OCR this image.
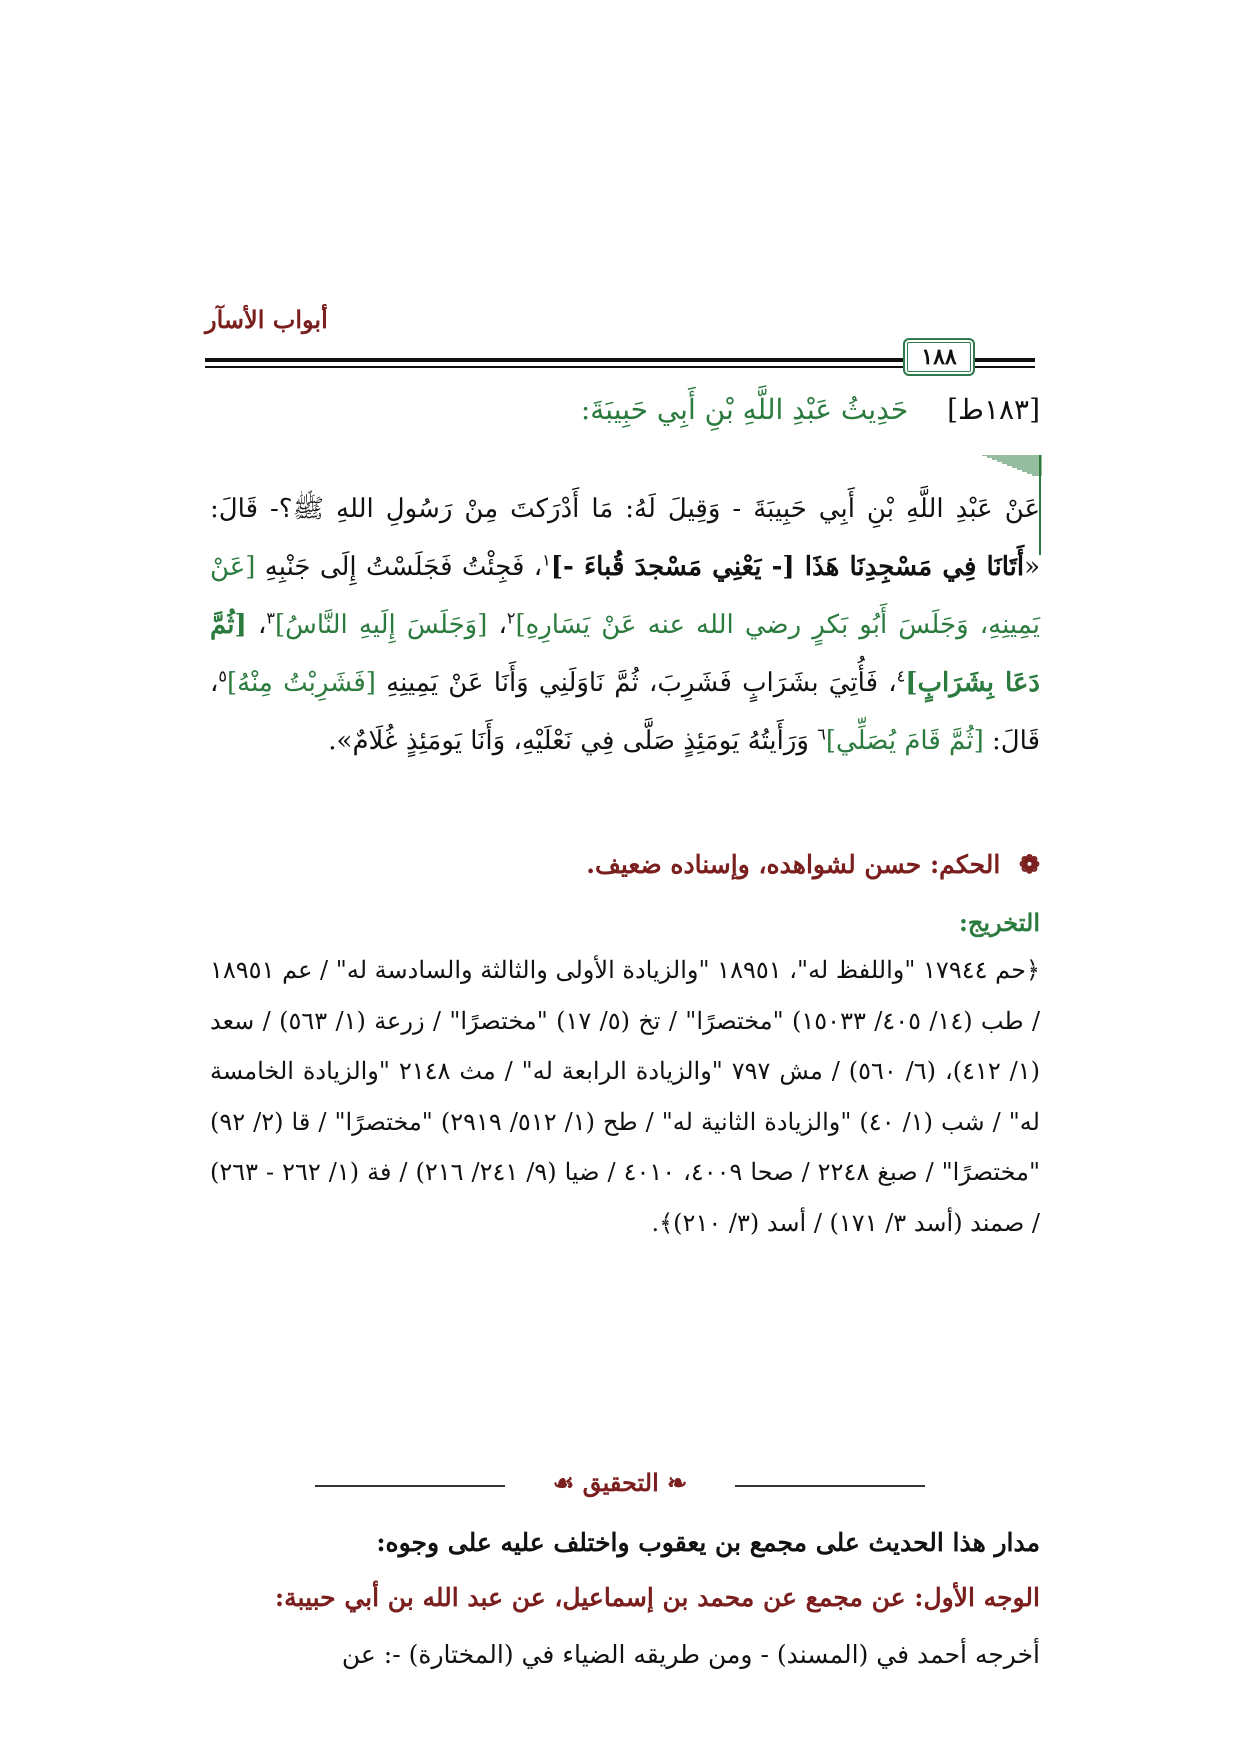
أبواب الأسآر
١٨٨
[١٨٣ط] حَدِيثُ عَبْدِ اللَّهِ بْنِ أَبِي حَبِيبَةَ:
عَنْ عَبْدِ اللَّهِ بْنِ أَبِي حَبِيبَةَ - وَقِيلَ لَهُ: مَا أَدْرَكتَ مِنْ رَسُولِ اللهِ ﷺ؟- قَالَ: «أَتَانَا فِي مَسْجِدِنَا هَذَا [- يَعْنِي مَسْجدَ قُباءَ -]$^١$، فَجِئْتُ فَجَلَسْتُ إِلَى جَنْبِهِ [عَنْ يَمِينِهِ، وَجَلَسَ أَبُو بَكرٍ رضي الله عنه عَنْ يَسَارِهِ]$^٢$، [وَجَلَسَ إِلَيهِ النَّاسُ]$^٣$، [ثُمَّ دَعَا بِشَرَابٍ]$^٤$، فَأُتِيَ بشَرَابٍ فَشَرِبَ، ثُمَّ نَاوَلَنِي وَأَنَا عَنْ يَمِينِهِ [فَشَرِبْتُ مِنْهُ]$^٥$، قَالَ: [ثُمَّ قَامَ يُصَلِّي]$^٦$ وَرَأَيتُهُ يَومَئِذٍ صَلَّى فِي نَعْلَيْهِ، وَأَنَا يَومَئِذٍ غُلَامٌ».
❁ الحكم: حسن لشواهده، وإسناده ضعيف.
التخريج:
﴿حم ١٧٩٤٤ "واللفظ له"، ١٨٩٥١ "والزيادة الأولى والثالثة والسادسة له" / عم ١٨٩٥١ / طب (١٤/ ٤٠٥/ ١٥٠٣٣) "مختصرًا" / تخ (٥/ ١٧) "مختصرًا" / زرعة (١/ ٥٦٣) / سعد (١/ ٤١٢)، (٦/ ٥٦٠) / مش ٧٩٧ "والزيادة الرابعة له" / مث ٢١٤٨ "والزيادة الخامسة له" / شب (١/ ٤٠) "والزيادة الثانية له" / طح (١/ ٥١٢/ ٢٩١٩) "مختصرًا" / قا (٢/ ٩٢) "مختصرًا" / صبغ ٢٢٤٨ / صحا ٤٠٠٩، ٤٠١٠ / ضيا (٩/ ٢٤١/ ٢١٦) / فة (١/ ٢٦٢ - ٢٦٣) / صمند (أسد ٣/ ١٧١) / أسد (٣/ ٢١٠)﴾.
❧ التحقيق ☙
مدار هذا الحديث على مجمع بن يعقوب واختلف عليه على وجوه:
الوجه الأول: عن مجمع عن محمد بن إسماعيل، عن عبد الله بن أبي حبيبة:
أخرجه أحمد في (المسند) - ومن طريقه الضياء في (المختارة) -: عن
